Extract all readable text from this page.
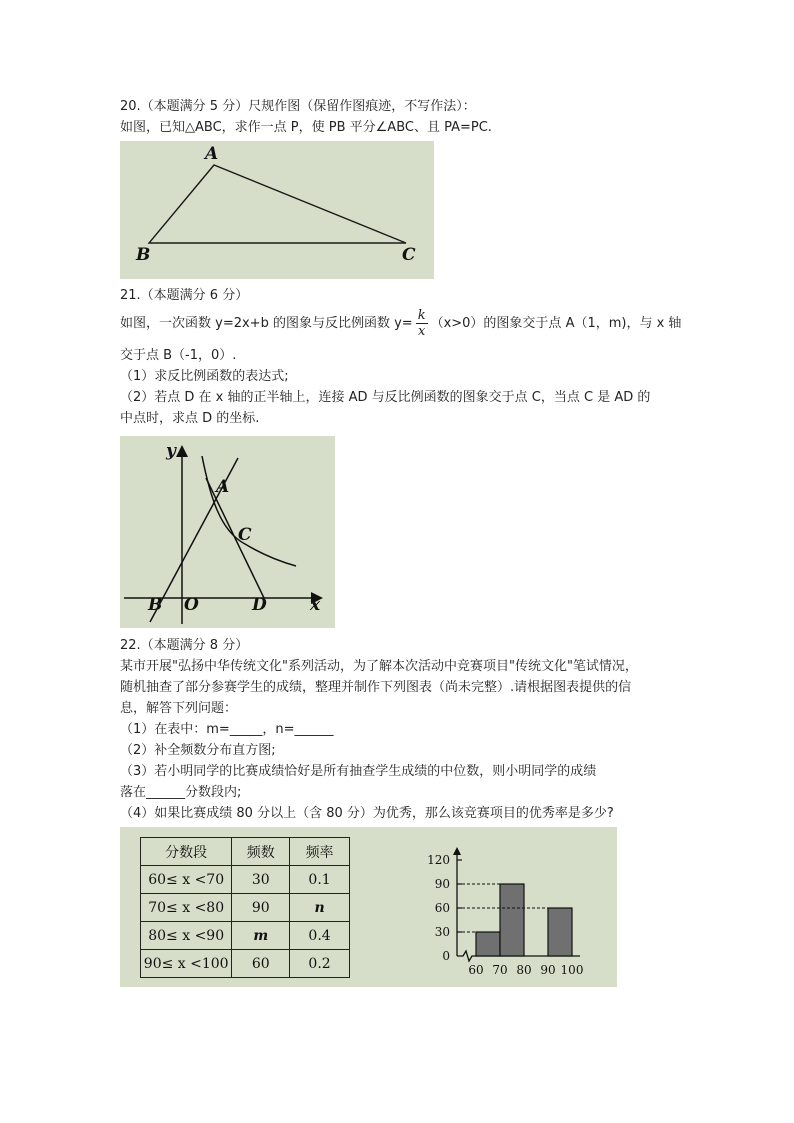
20.（本题满分 5 分）尺规作图（保留作图痕迹，不写作法）：
如图，已知△ABC，求作一点 P，使 PB 平分∠ABC、且 PA=PC.
A
B	C
21.（本题满分 6 分）
如图，一次函数 y=2x+b 的图象与反比例函数 $y= \frac{k}{x} (x>0)$的图象交于点 A（1，m)，与 x 轴
交于点 B（-1，0）.
（1）求反比例函数的表达式;
（2）若点 D 在 x 轴的正半轴上，连接 AD 与反比例函数的图象交于点 C，当点 C 是 AD 的
中点时，求点 D 的坐标.
y
x
A
C
B O	D
22.（本题满分 8 分）
某市开展"弘扬中华传统文化"系列活动，为了解本次活动中竞赛项目"传统文化"笔试情况，
随机抽查了部分参赛学生的成绩，整理并制作下列图表（尚未完整）.请根据图表提供的信
息，解答下列问题：
（1）在表中：m=_____，n=______
（2）补全频数分布直方图;
（3）若小明同学的比赛成绩恰好是所有抽查学生成绩的中位数，则小明同学的成绩
落在______分数段内;
（4）如果比赛成绩 80 分以上（含 80 分）为优秀，那么该竞赛项目的优秀率是多少?
分数段	频数	频率
60≤ x <70	30	0.1
70≤ x <80	90	n
80≤ x <90	m	0.4
90≤ x <100	60	0.2	0
30
60
90
120
60 70 80 90 100
